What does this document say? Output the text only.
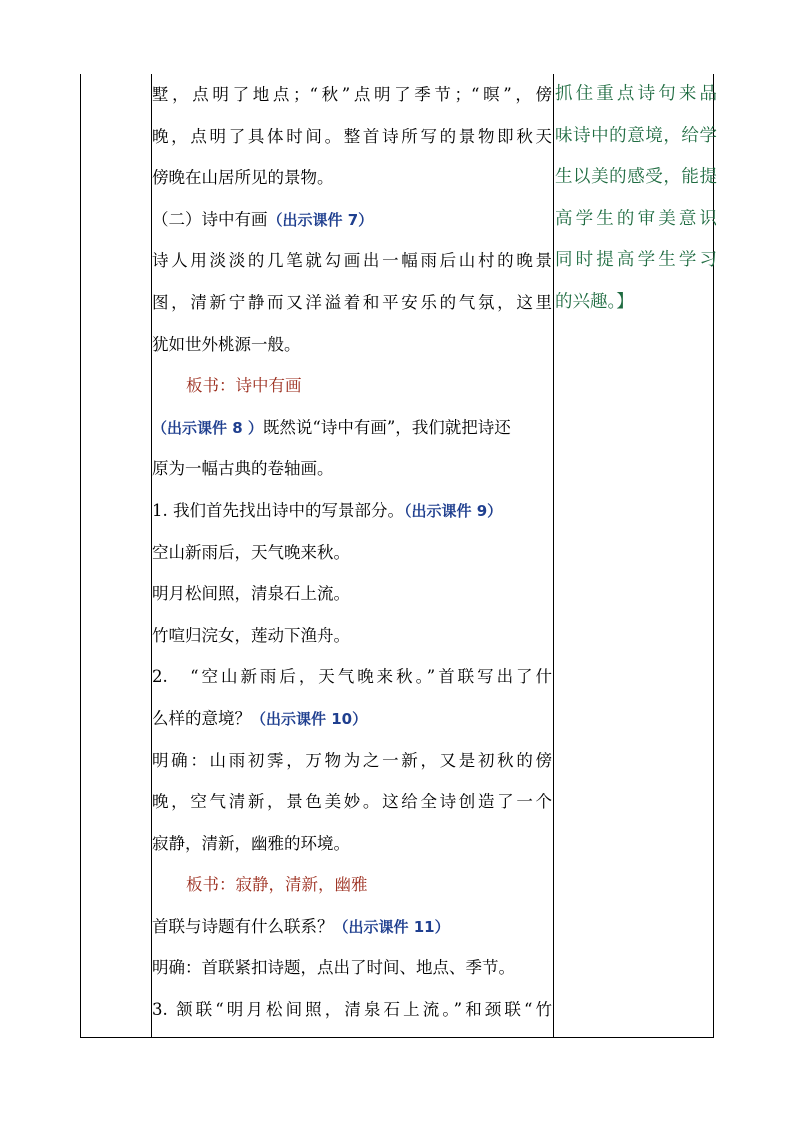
墅，点明了地点；“秋”点明了季节；“暝”，傍
晚，点明了具体时间。整首诗所写的景物即秋天
傍晚在山居所见的景物。
（二）诗中有画（出示课件 7）
诗人用淡淡的几笔就勾画出一幅雨后山村的晚景
图，清新宁静而又洋溢着和平安乐的气氛，这里
犹如世外桃源一般。
板书：诗中有画
（出示课件 8 ）既然说“诗中有画”，我们就把诗还
原为一幅古典的卷轴画。
1. 我们首先找出诗中的写景部分。（出示课件 9）
空山新雨后，天气晚来秋。
明月松间照，清泉石上流。
竹喧归浣女，莲动下渔舟。
2.　“空山新雨后，天气晚来秋。”首联写出了什
么样的意境？（出示课件 10）
明确：山雨初霁，万物为之一新，又是初秋的傍
晚，空气清新，景色美妙。这给全诗创造了一个
寂静，清新，幽雅的环境。
板书：寂静，清新，幽雅
首联与诗题有什么联系？（出示课件 11）
明确：首联紧扣诗题，点出了时间、地点、季节。
3. 颔联“明月松间照，清泉石上流。”和颈联“竹
抓住重点诗句来品
味诗中的意境，给学
生以美的感受，能提
高学生的审美意识
同时提高学生学习
的兴趣。】
